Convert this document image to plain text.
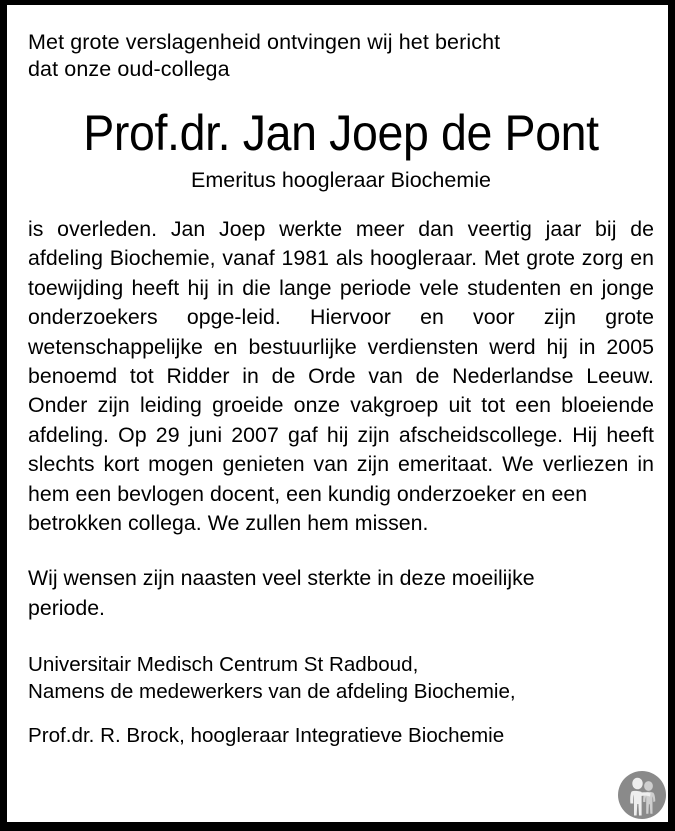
Met grote verslagenheid ontvingen wij het bericht
dat onze oud-collega
Prof.dr. Jan Joep de Pont

Emeritus hoogleraar Biochemie

is overleden. Jan Joep werkte meer dan veertig jaar bij de afdeling Biochemie, vanaf 1981 als hoogleraar. Met grote zorg en toewijding heeft hij in die lange periode vele studenten en jonge onderzoekers opge-leid. Hiervoor en voor zijn grote wetenschappelijke en bestuurlijke verdiensten werd hij in 2005 benoemd tot Ridder in de Orde van de Nederlandse Leeuw. Onder zijn leiding groeide onze vakgroep uit tot een bloeiende afdeling. Op 29 juni 2007 gaf hij zijn afscheidscollege. Hij heeft slechts kort mogen genieten van zijn emeritaat. We verliezen in hem een bevlogen docent, een kundig onderzoeker en een
betrokken collega. We zullen hem missen.
Wij wensen zijn naasten veel sterkte in deze moeilijke
periode.

Universitair Medisch Centrum St Radboud,

Namens de medewerkers van de afdeling Biochemie,

Prof.dr. R. Brock, hoogleraar Integratieve Biochemie
